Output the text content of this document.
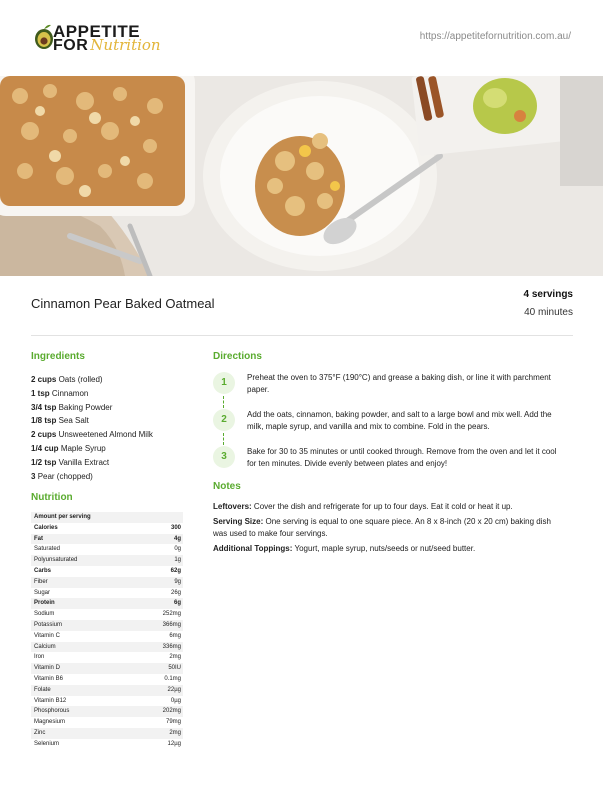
APPETITE
FOR Nutrition	https://appetitefornutrition.com.au/
Cinnamon Pear Baked Oatmeal
4 servings
40 minutes
Ingredients
2 cups Oats (rolled)
1 tsp Cinnamon
3/4 tsp Baking Powder
1/8 tsp Sea Salt
2 cups Unsweetened Almond Milk
1/4 cup Maple Syrup
1/2 tsp Vanilla Extract
3 Pear (chopped)
Nutrition
Amount per serving
Calories	300
Fat	4g
Saturated	0g
Polyunsaturated	1g
Carbs	62g
Fiber	9g
Sugar	26g
Protein	6g
Sodium	252mg
Potassium	366mg
Vitamin C	6mg
Calcium	336mg
Iron	2mg
Vitamin D	50IU
Vitamin B6	0.1mg
Folate	22µg
Vitamin B12	0µg
Phosphorous	202mg
Magnesium	79mg
Zinc	2mg
Selenium	12µg
Directions
1	Preheat the oven to 375°F (190°C) and grease a baking dish, or line it with parchment paper.
2	Add the oats, cinnamon, baking powder, and salt to a large bowl and mix well. Add the milk, maple syrup, and vanilla and mix to combine. Fold in the pears.
3	Bake for 30 to 35 minutes or until cooked through. Remove from the oven and let it cool for ten minutes. Divide evenly between plates and enjoy!
Notes
Leftovers: Cover the dish and refrigerate for up to four days. Eat it cold or heat it up.
Serving Size: One serving is equal to one square piece. An 8 x 8-inch (20 x 20 cm) baking dish was used to make four servings.
Additional Toppings: Yogurt, maple syrup, nuts/seeds or nut/seed butter.
